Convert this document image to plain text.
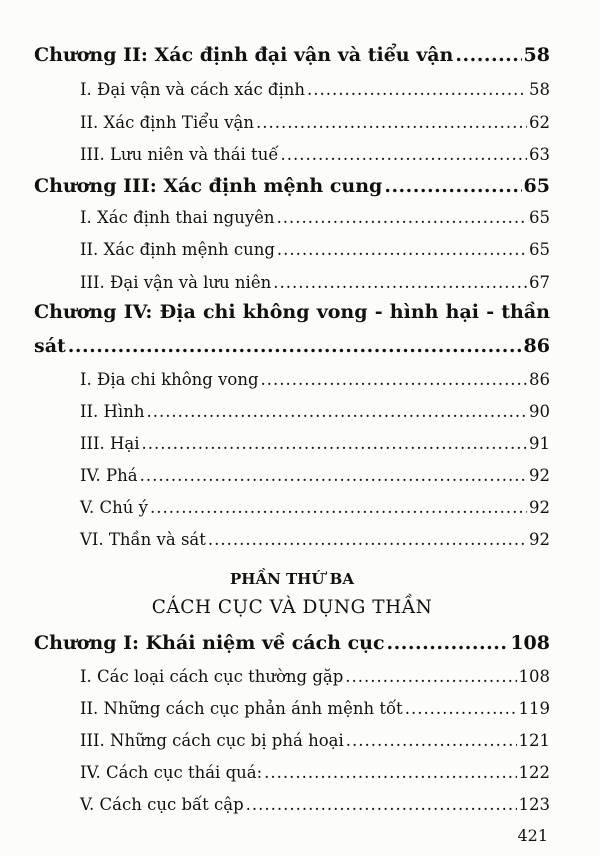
Chương II: Xác định đại vận và tiểu vận .....	58
I. Đại vận và cách xác định .....	58
II. Xác định Tiểu vận .....	62
III. Lưu niên và thái tuế .....	63
Chương III: Xác định mệnh cung .....	65
I. Xác định thai nguyên .....	65
II. Xác định mệnh cung .....	65
III. Đại vận và lưu niên .....	67
Chương IV: Địa chi không vong - hình hại - thần
sát .....	86
I. Địa chi không vong .....	86
II. Hình .....	90
III. Hại .....	91
IV. Phá .....	92
V. Chú ý .....	92
VI. Thần và sát .....	92
PHẦN THỨ BA
CÁCH CỤC VÀ DỤNG THẦN
Chương I: Khái niệm về cách cục .....	108
I. Các loại cách cục thường gặp .....	108
II. Những cách cục phản ánh mệnh tốt .....	119
III. Những cách cục bị phá hoại .....	121
IV. Cách cục thái quá: .....	122
V. Cách cục bất cập .....	123
421
